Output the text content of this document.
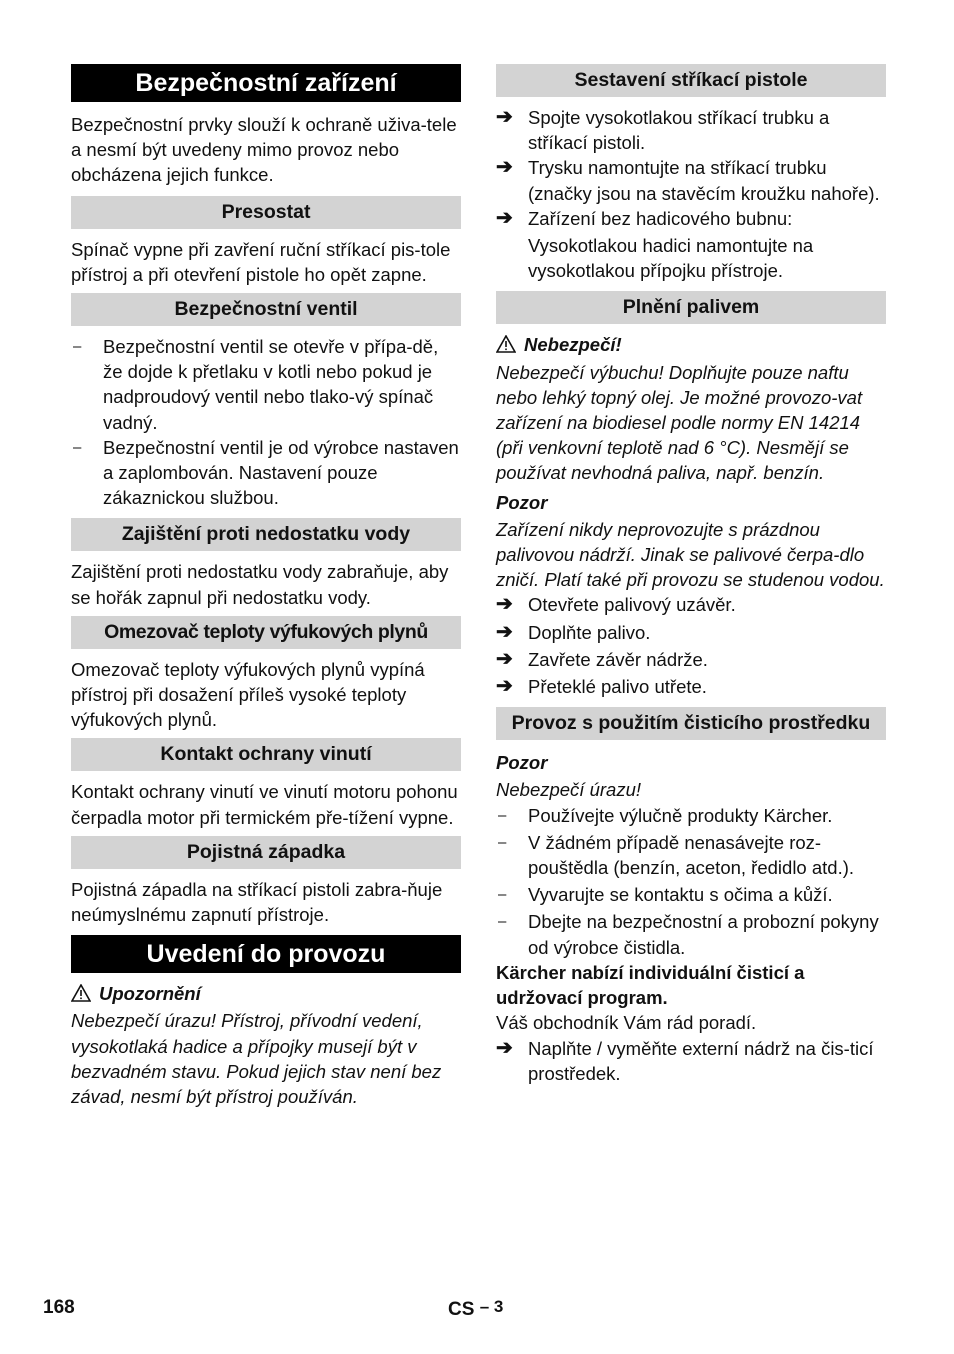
Bezpečnostní zařízení

Bezpečnostní prvky slouží k ochraně uživa-tele a nesmí být uvedeny mimo provoz nebo obcházena jejich funkce.

Presostat

Spínač vypne při zavření ruční stříkací pis-tole přístroj a při otevření pistole ho opět zapne.

Bezpečnostní ventil
–	Bezpečnostní ventil se otevře v přípa-dě, že dojde k přetlaku v kotli nebo pokud je nadproudový ventil nebo tlako-vý spínač vadný.
–	Bezpečnostní ventil je od výrobce nastaven a zaplombován. Nastavení pouze zákaznickou službou.
Zajištění proti nedostatku vody

Zajištění proti nedostatku vody zabraňuje, aby se hořák zapnul při nedostatku vody.

Omezovač teploty výfukových plynů

Omezovač teploty výfukových plynů vypíná přístroj při dosažení příleš vysoké teploty výfukových plynů.

Kontakt ochrany vinutí

Kontakt ochrany vinutí ve vinutí motoru pohonu čerpadla motor při termickém pře-tížení vypne.

Pojistná západka

Pojistná západla na stříkací pistoli zabra-ňuje neúmyslnému zapnutí přístroje.

Uvedení do provozu
Upozornění

Nebezpečí úrazu! Přístroj, přívodní vedení, vysokotlaká hadice a přípojky musejí být v bezvadném stavu. Pokud jejich stav není bez závad, nesmí být přístroj používán.

Sestavení stříkací pistole
➔ Spojte vysokotlakou stříkací trubku a stříkací pistoli.
➔ Trysku namontujte na stříkací trubku (značky jsou na stavěcím kroužku nahoře).
➔ Zařízení bez hadicového bubnu:

Vysokotlakou hadici namontujte na vysokotlakou přípojku přístroje.

Plnění palivem
Nebezpečí!

Nebezpečí výbuchu! Doplňujte pouze naftu nebo lehký topný olej. Je možné provozo-vat zařízení na biodiesel podle normy EN 14214 (při venkovní teplotě nad 6 °C). Nesmějí se používat nevhodná paliva, např. benzín.

Pozor

Zařízení nikdy neprovozujte s prázdnou palivovou nádrží. Jinak se palivové čerpa-dlo zničí. Platí také při provozu se studenou vodou.

➔ Otevřete palivový uzávěr.
➔ Doplňte palivo.
➔ Zavřete závěr nádrže.
➔ Přeteklé palivo utřete.
Provoz s použitím čisticího prostředku
Pozor

Nebezpečí úrazu!

–	Používejte výlučně produkty Kärcher.
–	V žádném případě nenasávejte roz-pouštědla (benzín, aceton, ředidlo atd.).
–	Vyvarujte se kontaktu s očima a kůží.
–	Dbejte na bezpečnostní a probozní pokyny od výrobce čistidla.

Kärcher nabízí individuální čisticí a udržovací program.

Váš obchodník Vám rád poradí.

➔ Naplňte / vyměňte externí nádrž na čis-ticí prostředek.
168	CS – 3
